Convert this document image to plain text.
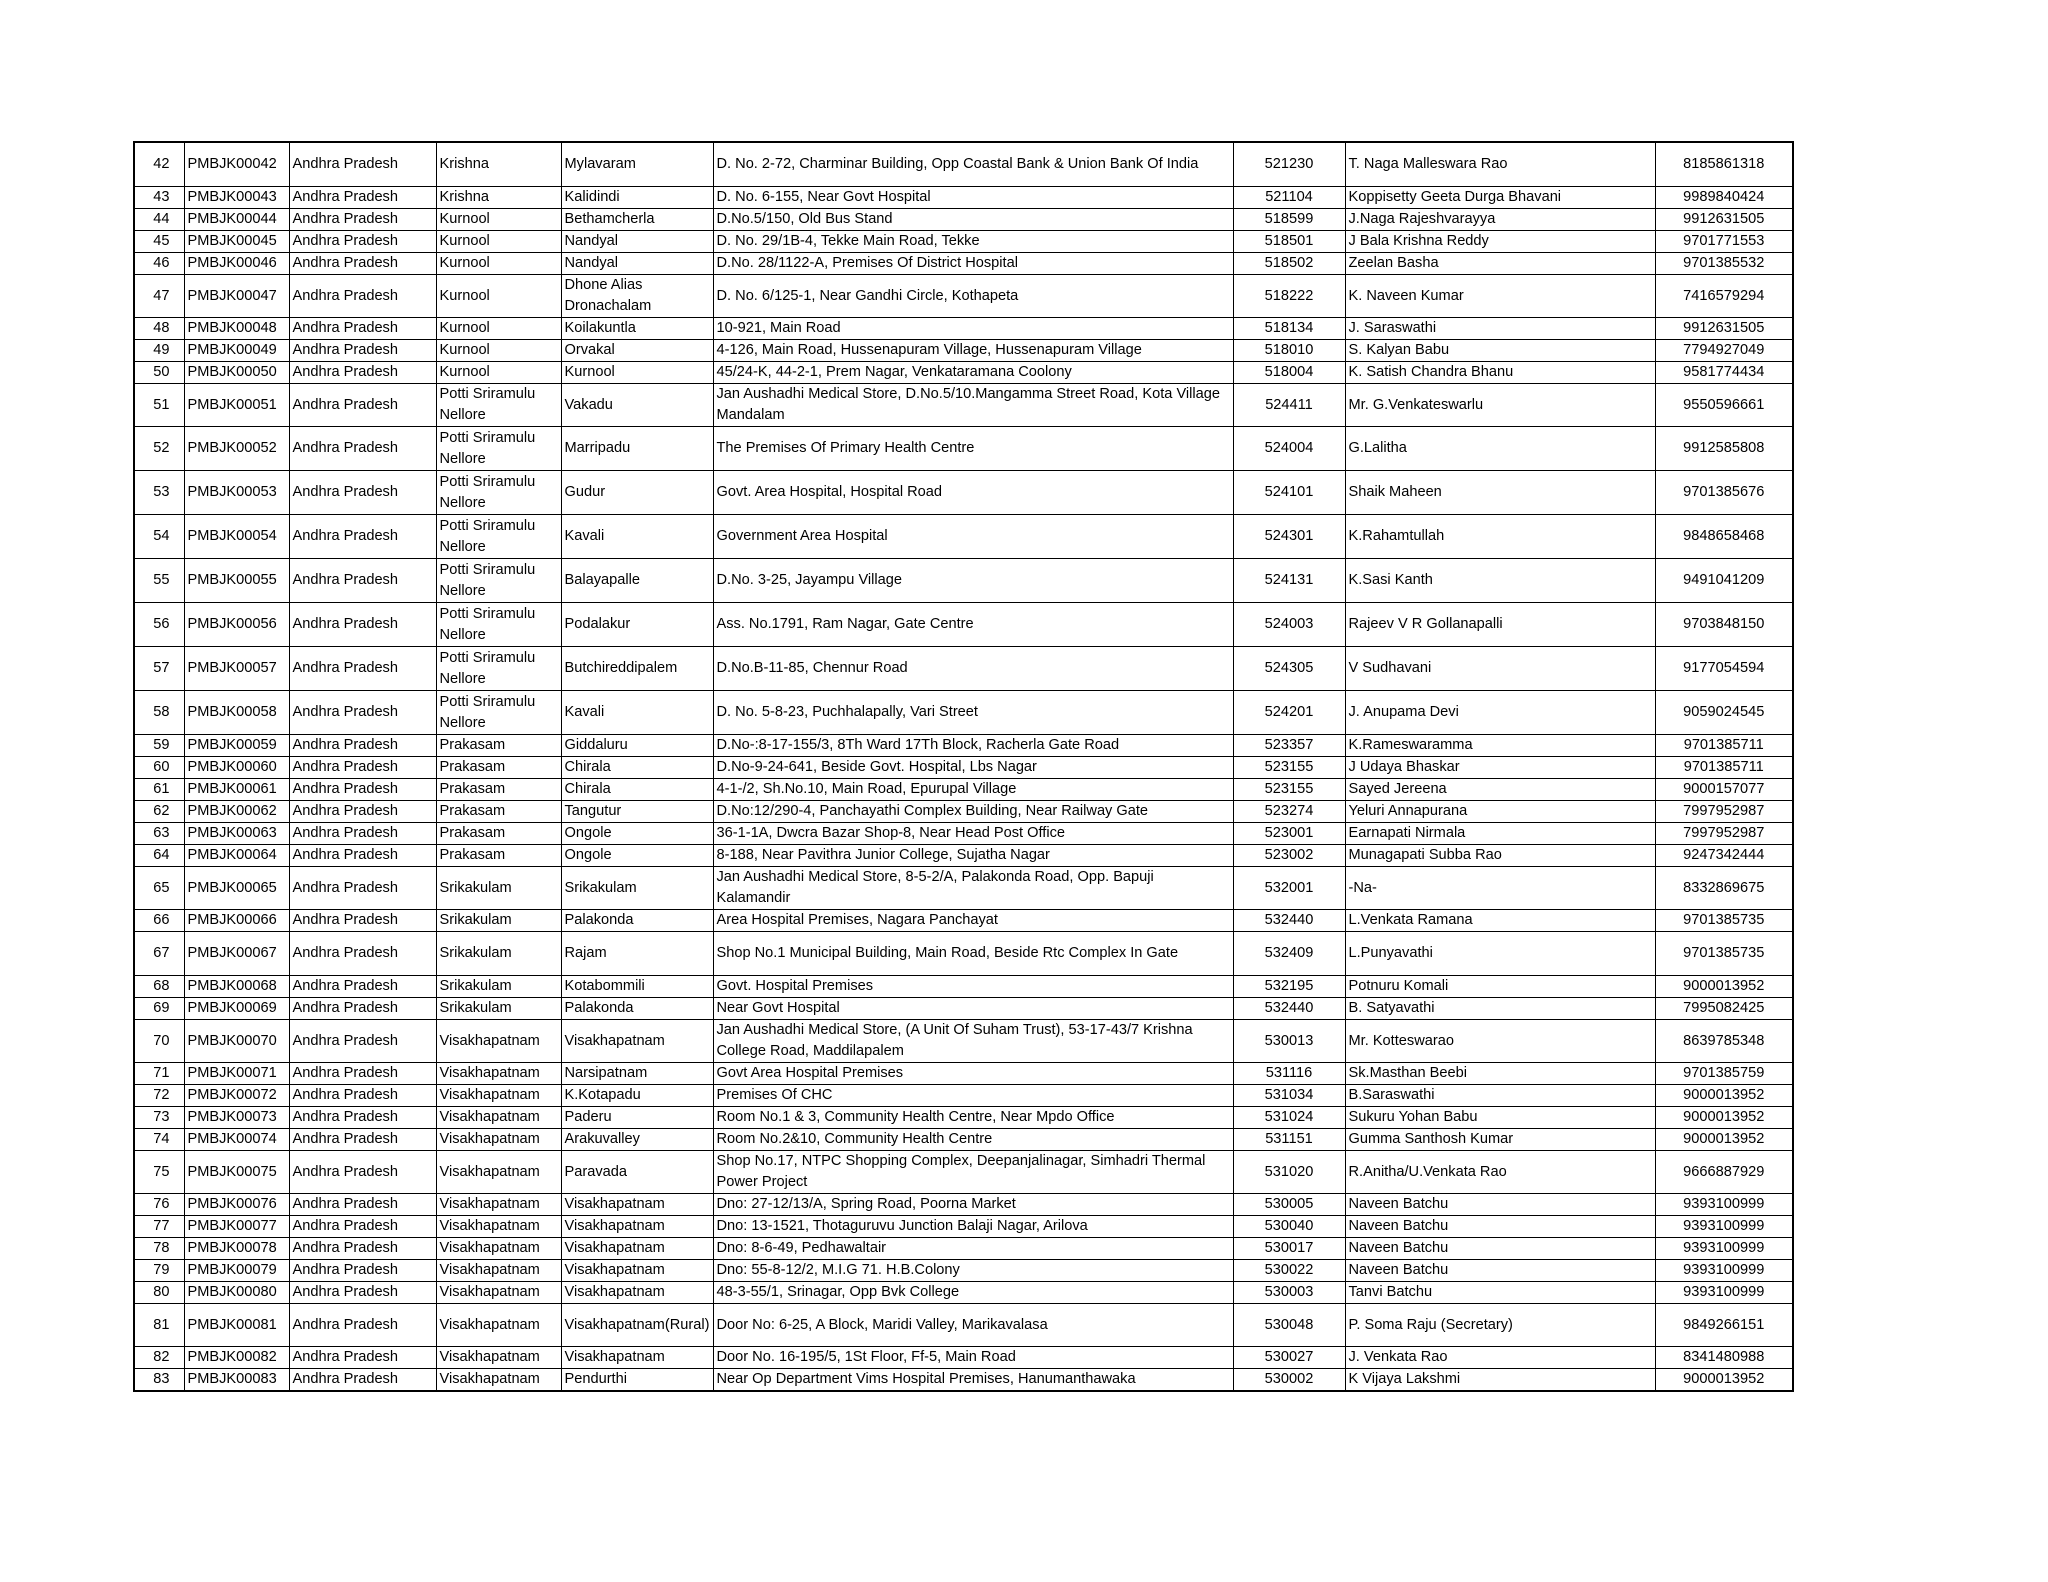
42	PMBJK00042	Andhra Pradesh	Krishna	Mylavaram	D. No. 2-72, Charminar Building, Opp Coastal Bank & Union Bank Of India	521230	T. Naga Malleswara Rao	8185861318
43	PMBJK00043	Andhra Pradesh	Krishna	Kalidindi	D. No. 6-155, Near Govt Hospital	521104	Koppisetty Geeta Durga Bhavani	9989840424
44	PMBJK00044	Andhra Pradesh	Kurnool	Bethamcherla	D.No.5/150, Old Bus Stand	518599	J.Naga Rajeshvarayya	9912631505
45	PMBJK00045	Andhra Pradesh	Kurnool	Nandyal	D. No. 29/1B-4, Tekke Main Road, Tekke	518501	J Bala Krishna Reddy	9701771553
46	PMBJK00046	Andhra Pradesh	Kurnool	Nandyal	D.No. 28/1122-A, Premises Of District Hospital	518502	Zeelan Basha	9701385532
47	PMBJK00047	Andhra Pradesh	Kurnool	Dhone Alias Dronachalam	D. No. 6/125-1, Near Gandhi Circle, Kothapeta	518222	K. Naveen Kumar	7416579294
48	PMBJK00048	Andhra Pradesh	Kurnool	Koilakuntla	10-921, Main Road	518134	J. Saraswathi	9912631505
49	PMBJK00049	Andhra Pradesh	Kurnool	Orvakal	4-126, Main Road, Hussenapuram Village, Hussenapuram Village	518010	S. Kalyan Babu	7794927049
50	PMBJK00050	Andhra Pradesh	Kurnool	Kurnool	45/24-K, 44-2-1, Prem Nagar, Venkataramana Coolony	518004	K. Satish Chandra Bhanu	9581774434
51	PMBJK00051	Andhra Pradesh	Potti Sriramulu Nellore	Vakadu	Jan Aushadhi Medical Store, D.No.5/10.Mangamma Street Road, Kota Village Mandalam	524411	Mr. G.Venkateswarlu	9550596661
52	PMBJK00052	Andhra Pradesh	Potti Sriramulu Nellore	Marripadu	The Premises Of Primary Health Centre	524004	G.Lalitha	9912585808
53	PMBJK00053	Andhra Pradesh	Potti Sriramulu Nellore	Gudur	Govt. Area Hospital, Hospital Road	524101	Shaik Maheen	9701385676
54	PMBJK00054	Andhra Pradesh	Potti Sriramulu Nellore	Kavali	Government Area Hospital	524301	K.Rahamtullah	9848658468
55	PMBJK00055	Andhra Pradesh	Potti Sriramulu Nellore	Balayapalle	D.No. 3-25, Jayampu Village	524131	K.Sasi Kanth	9491041209
56	PMBJK00056	Andhra Pradesh	Potti Sriramulu Nellore	Podalakur	Ass. No.1791, Ram Nagar, Gate Centre	524003	Rajeev V R Gollanapalli	9703848150
57	PMBJK00057	Andhra Pradesh	Potti Sriramulu Nellore	Butchireddipalem	D.No.B-11-85, Chennur Road	524305	V Sudhavani	9177054594
58	PMBJK00058	Andhra Pradesh	Potti Sriramulu Nellore	Kavali	D. No. 5-8-23, Puchhalapally, Vari Street	524201	J. Anupama Devi	9059024545
59	PMBJK00059	Andhra Pradesh	Prakasam	Giddaluru	D.No-:8-17-155/3, 8Th Ward 17Th Block, Racherla Gate Road	523357	K.Rameswaramma	9701385711
60	PMBJK00060	Andhra Pradesh	Prakasam	Chirala	D.No-9-24-641, Beside Govt. Hospital, Lbs Nagar	523155	J Udaya Bhaskar	9701385711
61	PMBJK00061	Andhra Pradesh	Prakasam	Chirala	4-1-/2, Sh.No.10, Main Road, Epurupal Village	523155	Sayed Jereena	9000157077
62	PMBJK00062	Andhra Pradesh	Prakasam	Tangutur	D.No:12/290-4, Panchayathi Complex Building, Near Railway Gate	523274	Yeluri Annapurana	7997952987
63	PMBJK00063	Andhra Pradesh	Prakasam	Ongole	36-1-1A, Dwcra Bazar Shop-8, Near Head Post Office	523001	Earnapati Nirmala	7997952987
64	PMBJK00064	Andhra Pradesh	Prakasam	Ongole	8-188, Near Pavithra Junior College, Sujatha Nagar	523002	Munagapati Subba Rao	9247342444
65	PMBJK00065	Andhra Pradesh	Srikakulam	Srikakulam	Jan Aushadhi Medical Store, 8-5-2/A, Palakonda Road, Opp. Bapuji Kalamandir	532001	-Na-	8332869675
66	PMBJK00066	Andhra Pradesh	Srikakulam	Palakonda	Area Hospital Premises, Nagara Panchayat	532440	L.Venkata Ramana	9701385735
67	PMBJK00067	Andhra Pradesh	Srikakulam	Rajam	Shop No.1 Municipal Building, Main Road, Beside Rtc Complex In Gate	532409	L.Punyavathi	9701385735
68	PMBJK00068	Andhra Pradesh	Srikakulam	Kotabommili	Govt. Hospital Premises	532195	Potnuru Komali	9000013952
69	PMBJK00069	Andhra Pradesh	Srikakulam	Palakonda	Near Govt Hospital	532440	B. Satyavathi	7995082425
70	PMBJK00070	Andhra Pradesh	Visakhapatnam	Visakhapatnam	Jan Aushadhi Medical Store, (A Unit Of Suham Trust), 53-17-43/7 Krishna College Road, Maddilapalem	530013	Mr. Kotteswarao	8639785348
71	PMBJK00071	Andhra Pradesh	Visakhapatnam	Narsipatnam	Govt Area Hospital Premises	531116	Sk.Masthan Beebi	9701385759
72	PMBJK00072	Andhra Pradesh	Visakhapatnam	K.Kotapadu	Premises Of CHC	531034	B.Saraswathi	9000013952
73	PMBJK00073	Andhra Pradesh	Visakhapatnam	Paderu	Room No.1 & 3, Community Health Centre, Near Mpdo Office	531024	Sukuru Yohan Babu	9000013952
74	PMBJK00074	Andhra Pradesh	Visakhapatnam	Arakuvalley	Room No.2&10, Community Health Centre	531151	Gumma Santhosh Kumar	9000013952
75	PMBJK00075	Andhra Pradesh	Visakhapatnam	Paravada	Shop No.17, NTPC Shopping Complex, Deepanjalinagar, Simhadri Thermal Power Project	531020	R.Anitha/U.Venkata Rao	9666887929
76	PMBJK00076	Andhra Pradesh	Visakhapatnam	Visakhapatnam	Dno: 27-12/13/A, Spring Road, Poorna Market	530005	Naveen Batchu	9393100999
77	PMBJK00077	Andhra Pradesh	Visakhapatnam	Visakhapatnam	Dno: 13-1521, Thotaguruvu Junction Balaji Nagar, Arilova	530040	Naveen Batchu	9393100999
78	PMBJK00078	Andhra Pradesh	Visakhapatnam	Visakhapatnam	Dno: 8-6-49, Pedhawaltair	530017	Naveen Batchu	9393100999
79	PMBJK00079	Andhra Pradesh	Visakhapatnam	Visakhapatnam	Dno: 55-8-12/2, M.I.G 71. H.B.Colony	530022	Naveen Batchu	9393100999
80	PMBJK00080	Andhra Pradesh	Visakhapatnam	Visakhapatnam	48-3-55/1, Srinagar, Opp Bvk College	530003	Tanvi Batchu	9393100999
81	PMBJK00081	Andhra Pradesh	Visakhapatnam	Visakhapatnam(Rural)	Door No: 6-25, A Block, Maridi Valley, Marikavalasa	530048	P. Soma Raju (Secretary)	9849266151
82	PMBJK00082	Andhra Pradesh	Visakhapatnam	Visakhapatnam	Door No. 16-195/5, 1St Floor, Ff-5, Main Road	530027	J. Venkata Rao	8341480988
83	PMBJK00083	Andhra Pradesh	Visakhapatnam	Pendurthi	Near Op Department Vims Hospital Premises, Hanumanthawaka	530002	K Vijaya Lakshmi	9000013952
